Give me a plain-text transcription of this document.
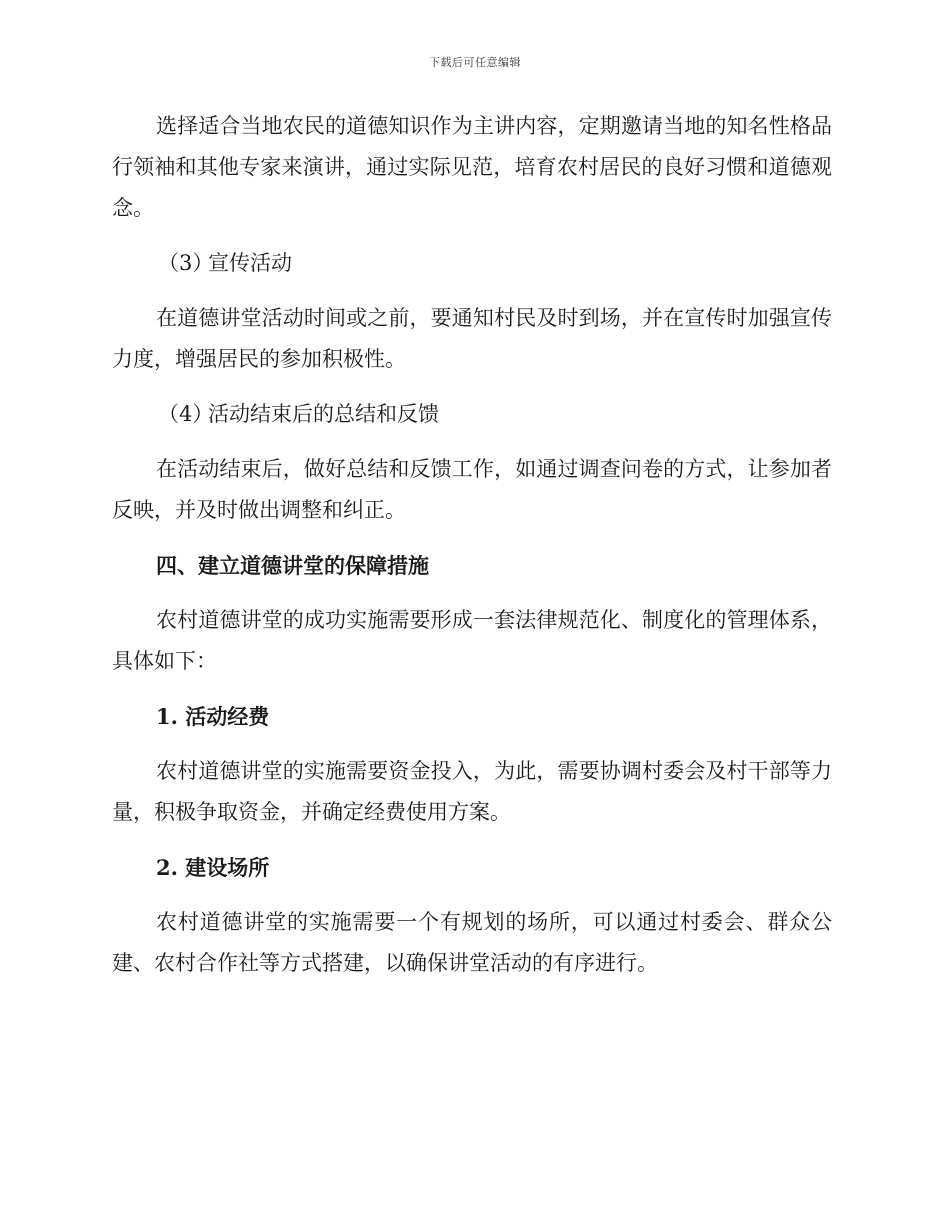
下载后可任意编辑

选择适合当地农民的道德知识作为主讲内容，定期邀请当地的知名性格品行领袖和其他专家来演讲，通过实际见范，培育农村居民的良好习惯和道德观念。

（3）宣传活动

在道德讲堂活动时间或之前，要通知村民及时到场，并在宣传时加强宣传力度，增强居民的参加积极性。

（4）活动结束后的总结和反馈

在活动结束后，做好总结和反馈工作，如通过调查问卷的方式，让参加者反映，并及时做出调整和纠正。

四、建立道德讲堂的保障措施

农村道德讲堂的成功实施需要形成一套法律规范化、制度化的管理体系，具体如下：

1. 活动经费

农村道德讲堂的实施需要资金投入，为此，需要协调村委会及村干部等力量，积极争取资金，并确定经费使用方案。

2. 建设场所

农村道德讲堂的实施需要一个有规划的场所，可以通过村委会、群众公建、农村合作社等方式搭建，以确保讲堂活动的有序进行。
